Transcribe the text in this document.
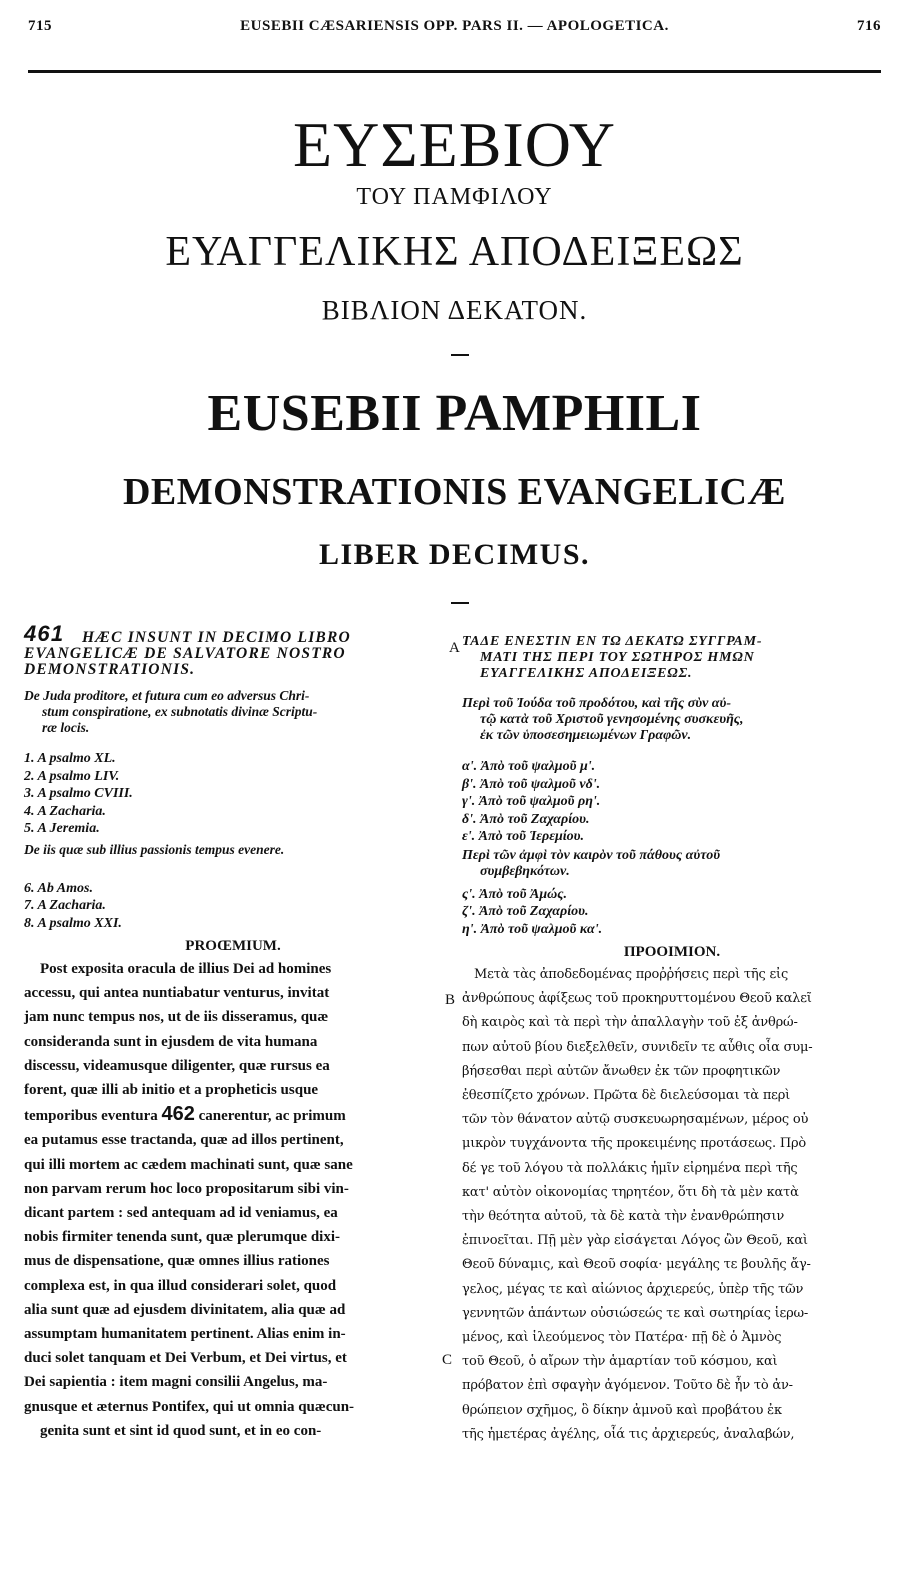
715	EUSEBII CÆSARIENSIS OPP. PARS II. — APOLOGETICA.	716
ΕΥΣΕΒΙΟΥ
ΤΟΥ ΠΑΜΦΙΛΟΥ
ΕΥΑΓΓΕΛΙΚΗΣ ΑΠΟΔΕΙΞΕΩΣ
ΒΙΒΛΙΟΝ ΔΕΚΑΤΟΝ.
EUSEBII PAMPHILI
DEMONSTRATIONIS EVANGELICÆ
LIBER DECIMUS.
A
B
C
461	HÆC INSUNT IN DECIMO LIBRO
EVANGELICÆ DE SALVATORE NOSTRO
DEMONSTRATIONIS.
De Juda proditore, et futura cum eo adversus Chri-
stum conspiratione, ex subnotatis divinæ Scriptu-
ræ locis.
1. A psalmo XL.
2. A psalmo LIV.
3. A psalmo CVIII.
4. A Zacharia.
5. A Jeremia.
De iis quæ sub illius passionis tempus evenere.
6. Ab Amos.
7. A Zacharia.
8. A psalmo XXI.
PROŒMIUM.
Post exposita oracula de illius Dei ad homines
accessu, qui antea nuntiabatur venturus, invitat
jam nunc tempus nos, ut de iis disseramus, quæ
consideranda sunt in ejusdem de vita humana
discessu, videamusque diligenter, quæ rursus ea
forent, quæ illi ab initio et a propheticis usque
temporibus eventura 462 canerentur, ac primum
ea putamus esse tractanda, quæ ad illos pertinent,
qui illi mortem ac cædem machinati sunt, quæ sane
non parvam rerum hoc loco propositarum sibi vin-
dicant partem : sed antequam ad id veniamus, ea
nobis firmiter tenenda sunt, quæ plerumque dixi-
mus de dispensatione, quæ omnes illius rationes
complexa est, in qua illud considerari solet, quod
alia sunt quæ ad ejusdem divinitatem, alia quæ ad
assumptam humanitatem pertinent. Alias enim in-
duci solet tanquam et Dei Verbum, et Dei virtus, et
Dei sapientia : item magni consilii Angelus, ma-
gnusque et æternus Pontifex, qui ut omnia quæcun-
genita sunt et sint id quod sunt, et in eo con-
ΤΑΔΕ ΕΝΕΣΤΙΝ ΕΝ ΤΩ ΔΕΚΑΤΩ ΣΥΓΓΡΑΜ-
ΜΑΤΙ ΤΗΣ ΠΕΡΙ ΤΟΥ ΣΩΤΗΡΟΣ ΗΜΩΝ
ΕΥΑΓΓΕΛΙΚΗΣ ΑΠΟΔΕΙΞΕΩΣ.
Περὶ τοῦ Ἰούδα τοῦ προδότου, καὶ τῆς σὺν αὐ-
τῷ κατὰ τοῦ Χριστοῦ γενησομένης συσκευῆς,
ἐκ τῶν ὑποσεσημειωμένων Γραφῶν.
α'. Ἀπὸ τοῦ ψαλμοῦ μ'.
β'. Ἀπὸ τοῦ ψαλμοῦ νδ'.
γ'. Ἀπὸ τοῦ ψαλμοῦ ρη'.
δ'. Ἀπὸ τοῦ Ζαχαρίου.
ε'. Ἀπὸ τοῦ Ἱερεμίου.
Περὶ τῶν ἀμφὶ τὸν καιρὸν τοῦ πάθους αὐτοῦ
συμβεβηκότων.
ς'. Ἀπὸ τοῦ Ἀμώς.
ζ'. Ἀπὸ τοῦ Ζαχαρίου.
η'. Ἀπὸ τοῦ ψαλμοῦ κα'.
ΠΡΟΟΙΜΙΟΝ.
Μετὰ τὰς ἀποδεδομένας προῤῥήσεις περὶ τῆς εἰς
ἀνθρώπους ἀφίξεως τοῦ προκηρυττομένου Θεοῦ καλεῖ
δὴ καιρὸς καὶ τὰ περὶ τὴν ἀπαλλαγὴν τοῦ ἐξ ἀνθρώ-
πων αὐτοῦ βίου διεξελθεῖν, συνιδεῖν τε αὖθις οἷα συμ-
βήσεσθαι περὶ αὐτῶν ἄνωθεν ἐκ τῶν προφητικῶν
ἐθεσπίζετο χρόνων. Πρῶτα δὲ διελεύσομαι τὰ περὶ
τῶν τὸν θάνατον αὐτῷ συσκευωρησαμένων, μέρος οὐ
μικρὸν τυγχάνοντα τῆς προκειμένης προτάσεως. Πρὸ
δέ γε τοῦ λόγου τὰ πολλάκις ἡμῖν εἰρημένα περὶ τῆς
κατ' αὐτὸν οἰκονομίας τηρητέον, ὅτι δὴ τὰ μὲν κατὰ
τὴν θεότητα αὐτοῦ, τὰ δὲ κατὰ τὴν ἐνανθρώπησιν
ἐπινοεῖται. Πῇ μὲν γὰρ εἰσάγεται Λόγος ὢν Θεοῦ, καὶ
Θεοῦ δύναμις, καὶ Θεοῦ σοφία· μεγάλης τε βουλῆς ἄγ-
γελος, μέγας τε καὶ αἰώνιος ἀρχιερεύς, ὑπὲρ τῆς τῶν
γεννητῶν ἁπάντων οὐσιώσεώς τε καὶ σωτηρίας ἱερω-
μένος, καὶ ἱλεούμενος τὸν Πατέρα· πῇ δὲ ὁ Ἀμνὸς
τοῦ Θεοῦ, ὁ αἴρων τὴν ἁμαρτίαν τοῦ κόσμου, καὶ
πρόβατον ἐπὶ σφαγὴν ἀγόμενον. Τοῦτο δὲ ἦν τὸ ἀν-
θρώπειον σχῆμος, ὃ δίκην ἀμνοῦ καὶ προβάτου ἐκ
τῆς ἡμετέρας ἀγέλης, οἷά τις ἀρχιερεύς, ἀναλαβών,
